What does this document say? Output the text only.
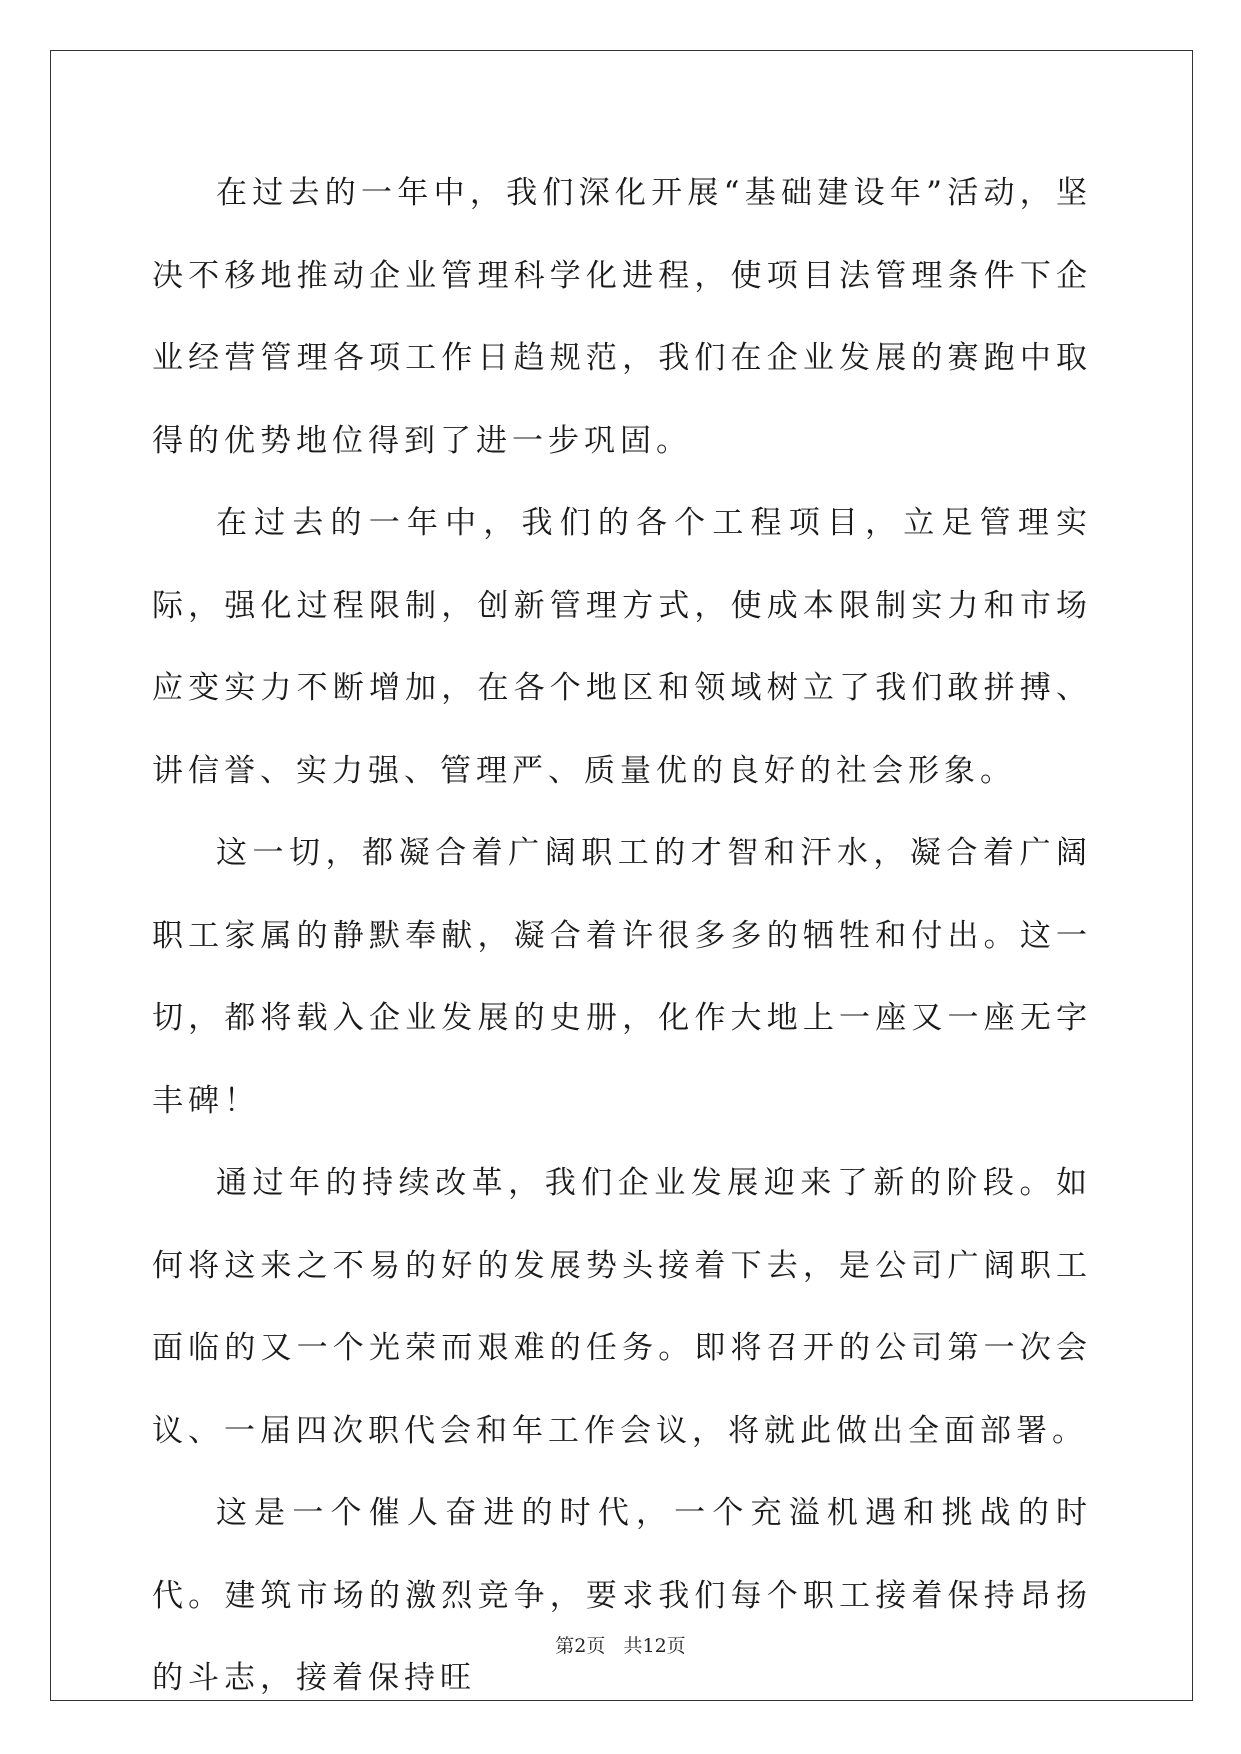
在过去的一年中，我们深化开展“基础建设年”活动，坚决不移地推动企业管理科学化进程，使项目法管理条件下企业经营管理各项工作日趋规范，我们在企业发展的赛跑中取得的优势地位得到了进一步巩固。

在过去的一年中，我们的各个工程项目，立足管理实际，强化过程限制，创新管理方式，使成本限制实力和市场应变实力不断增加，在各个地区和领域树立了我们敢拼搏、讲信誉、实力强、管理严、质量优的良好的社会形象。

这一切，都凝合着广阔职工的才智和汗水，凝合着广阔职工家属的静默奉献，凝合着许很多多的牺牲和付出。这一切，都将载入企业发展的史册，化作大地上一座又一座无字丰碑！

通过年的持续改革，我们企业发展迎来了新的阶段。如何将这来之不易的好的发展势头接着下去，是公司广阔职工面临的又一个光荣而艰难的任务。即将召开的公司第一次会议、一届四次职代会和年工作会议，将就此做出全面部署。

这是一个催人奋进的时代，一个充溢机遇和挑战的时代。建筑市场的激烈竞争，要求我们每个职工接着保持昂扬的斗志，接着保持旺

第2页   共12页
